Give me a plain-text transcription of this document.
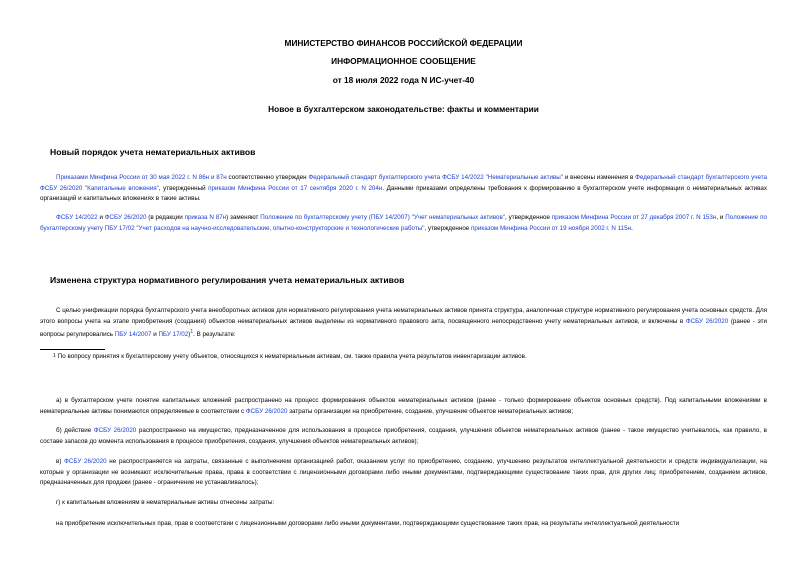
МИНИСТЕРСТВО ФИНАНСОВ РОССИЙСКОЙ ФЕДЕРАЦИИ
ИНФОРМАЦИОННОЕ СООБЩЕНИЕ
от 18 июля 2022 года N ИС-учет-40
Новое в бухгалтерском законодательстве: факты и комментарии
Новый порядок учета нематериальных активов
Приказами Минфина России от 30 мая 2022 г. N 86н и 87н соответственно утвержден Федеральный стандарт бухгалтерского учета ФСБУ 14/2022 "Нематериальные активы" и внесены изменения в Федеральный стандарт бухгалтерского учета ФСБУ 26/2020 "Капитальные вложения", утвержденный приказом Минфина России от 17 сентября 2020 г. N 204н. Данными приказами определены требования к формированию в бухгалтерском учете информации о нематериальных активах организаций и капитальных вложениях в такие активы.
ФСБУ 14/2022 и ФСБУ 26/2020 (в редакции приказа N 87н) заменяют Положение по бухгалтерскому учету (ПБУ 14/2007) "Учет нематериальных активов", утвержденное приказом Минфина России от 27 декабря 2007 г. N 153н, и Положение по бухгалтерскому учету ПБУ 17/02 "Учет расходов на научно-исследовательские, опытно-конструкторские и технологические работы", утвержденное приказом Минфина России от 19 ноября 2002 г. N 115н.
Изменена структура нормативного регулирования учета нематериальных активов
С целью унификации порядка бухгалтерского учета внеоборотных активов для нормативного регулирования учета нематериальных активов принята структура, аналогичная структуре нормативного регулирования учета основных средств. Для этого вопросы учета на этапе приобретения (создания) объектов нематериальных активов выделены из нормативного правового акта, посвященного непосредственно учету нематериальных активов, и включены в ФСБУ 26/2020 (ранее - эти вопросы регулировались ПБУ 14/2007 и ПБУ 17/02)$^1$. В результате:
$^1$ По вопросу принятия к бухгалтерскому учету объектов, относящихся к нематериальным активам, см. также правила учета результатов инвентаризации активов.
а) в бухгалтерском учете понятие капитальных вложений распространено на процесс формирования объектов нематериальных активов (ранее - только формирование объектов основных средств). Под капитальными вложениями в нематериальные активы понимаются определяемые в соответствии с ФСБУ 26/2020 затраты организации на приобретение, создание, улучшение объектов нематериальных активов;
б) действие ФСБУ 26/2020 распространено на имущество, предназначенное для использования в процессе приобретения, создания, улучшения объектов нематериальных активов (ранее - такое имущество учитывалось, как правило, в составе запасов до момента использования в процессе приобретения, создания, улучшения объектов нематериальных активов);
в) ФСБУ 26/2020 не распространяется на затраты, связанные с выполнением организацией работ, оказанием услуг по приобретению, созданию, улучшению результатов интеллектуальной деятельности и средств индивидуализации, на которые у организации не возникают исключительные права, права в соответствии с лицензионными договорами либо иными документами, подтверждающими существование таких прав, для других лиц; приобретением, созданием активов, предназначенных для продажи (ранее - ограничение не устанавливалось);
г) к капитальным вложениям в нематериальные активы отнесены затраты:
на приобретение исключительных прав, прав в соответствии с лицензионными договорами либо иными документами, подтверждающими существование таких прав, на результаты интеллектуальной деятельности
